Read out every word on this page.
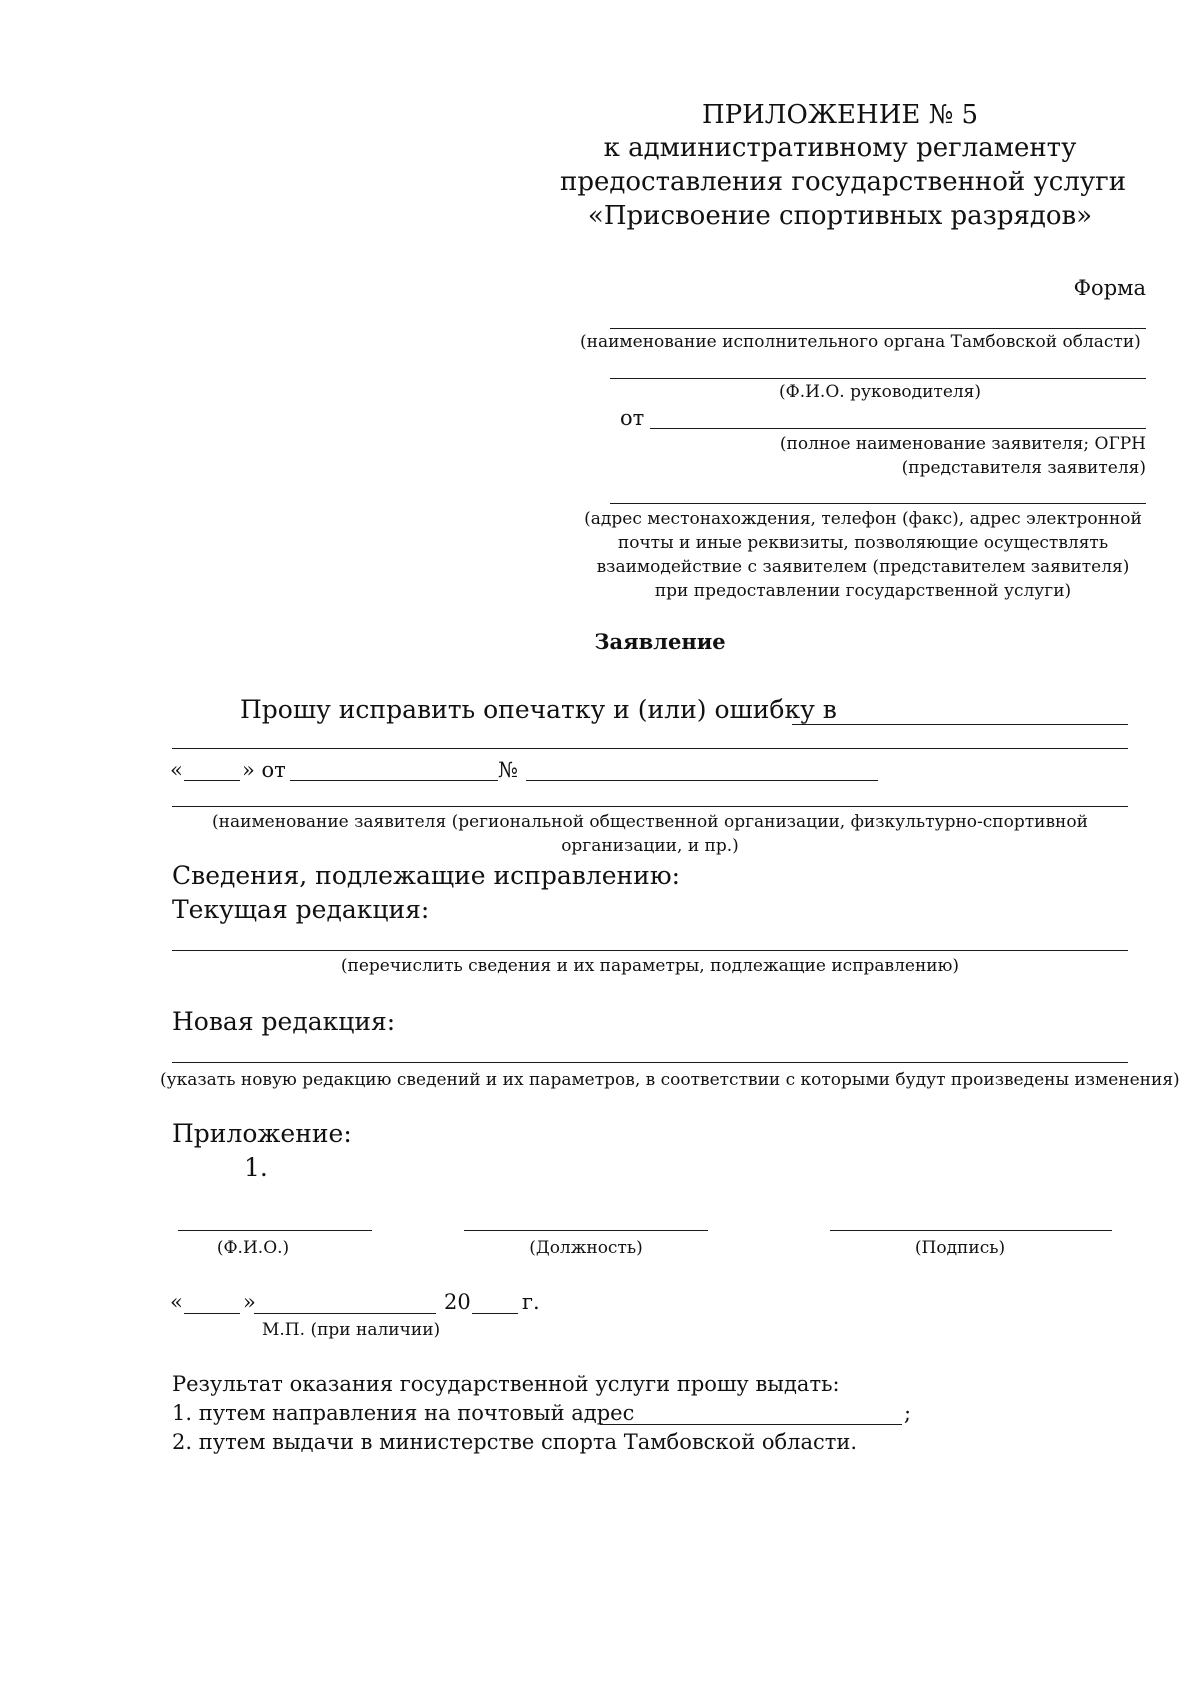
ПРИЛОЖЕНИЕ № 5
к административному регламенту
предоставления государственной услуги
«Присвоение спортивных разрядов»
Форма
(наименование исполнительного органа Тамбовской области)
(Ф.И.О. руководителя)
от
(полное наименование заявителя; ОГРН
(представителя заявителя)
(адрес местонахождения, телефон (факс), адрес электронной
почты и иные реквизиты, позволяющие осуществлять
взаимодействие с заявителем (представителем заявителя)
при предоставлении государственной услуги)
Заявление
Прошу исправить опечатку и (или) ошибку в
«	» от	№
(наименование заявителя (региональной общественной организации, физкультурно-спортивной
организации, и пр.)
Сведения, подлежащие исправлению:
Текущая редакция:
(перечислить сведения и их параметры, подлежащие исправлению)
Новая редакция:
(указать новую редакцию сведений и их параметров, в соответствии с которыми будут произведены изменения)
Приложение:
1.
(Ф.И.О.)	(Должность)	(Подпись)
«	»	20 г.
М.П. (при наличии)
Результат оказания государственной услуги прошу выдать:
1. путем направления на почтовый адрес	;
2. путем выдачи в министерстве спорта Тамбовской области.
